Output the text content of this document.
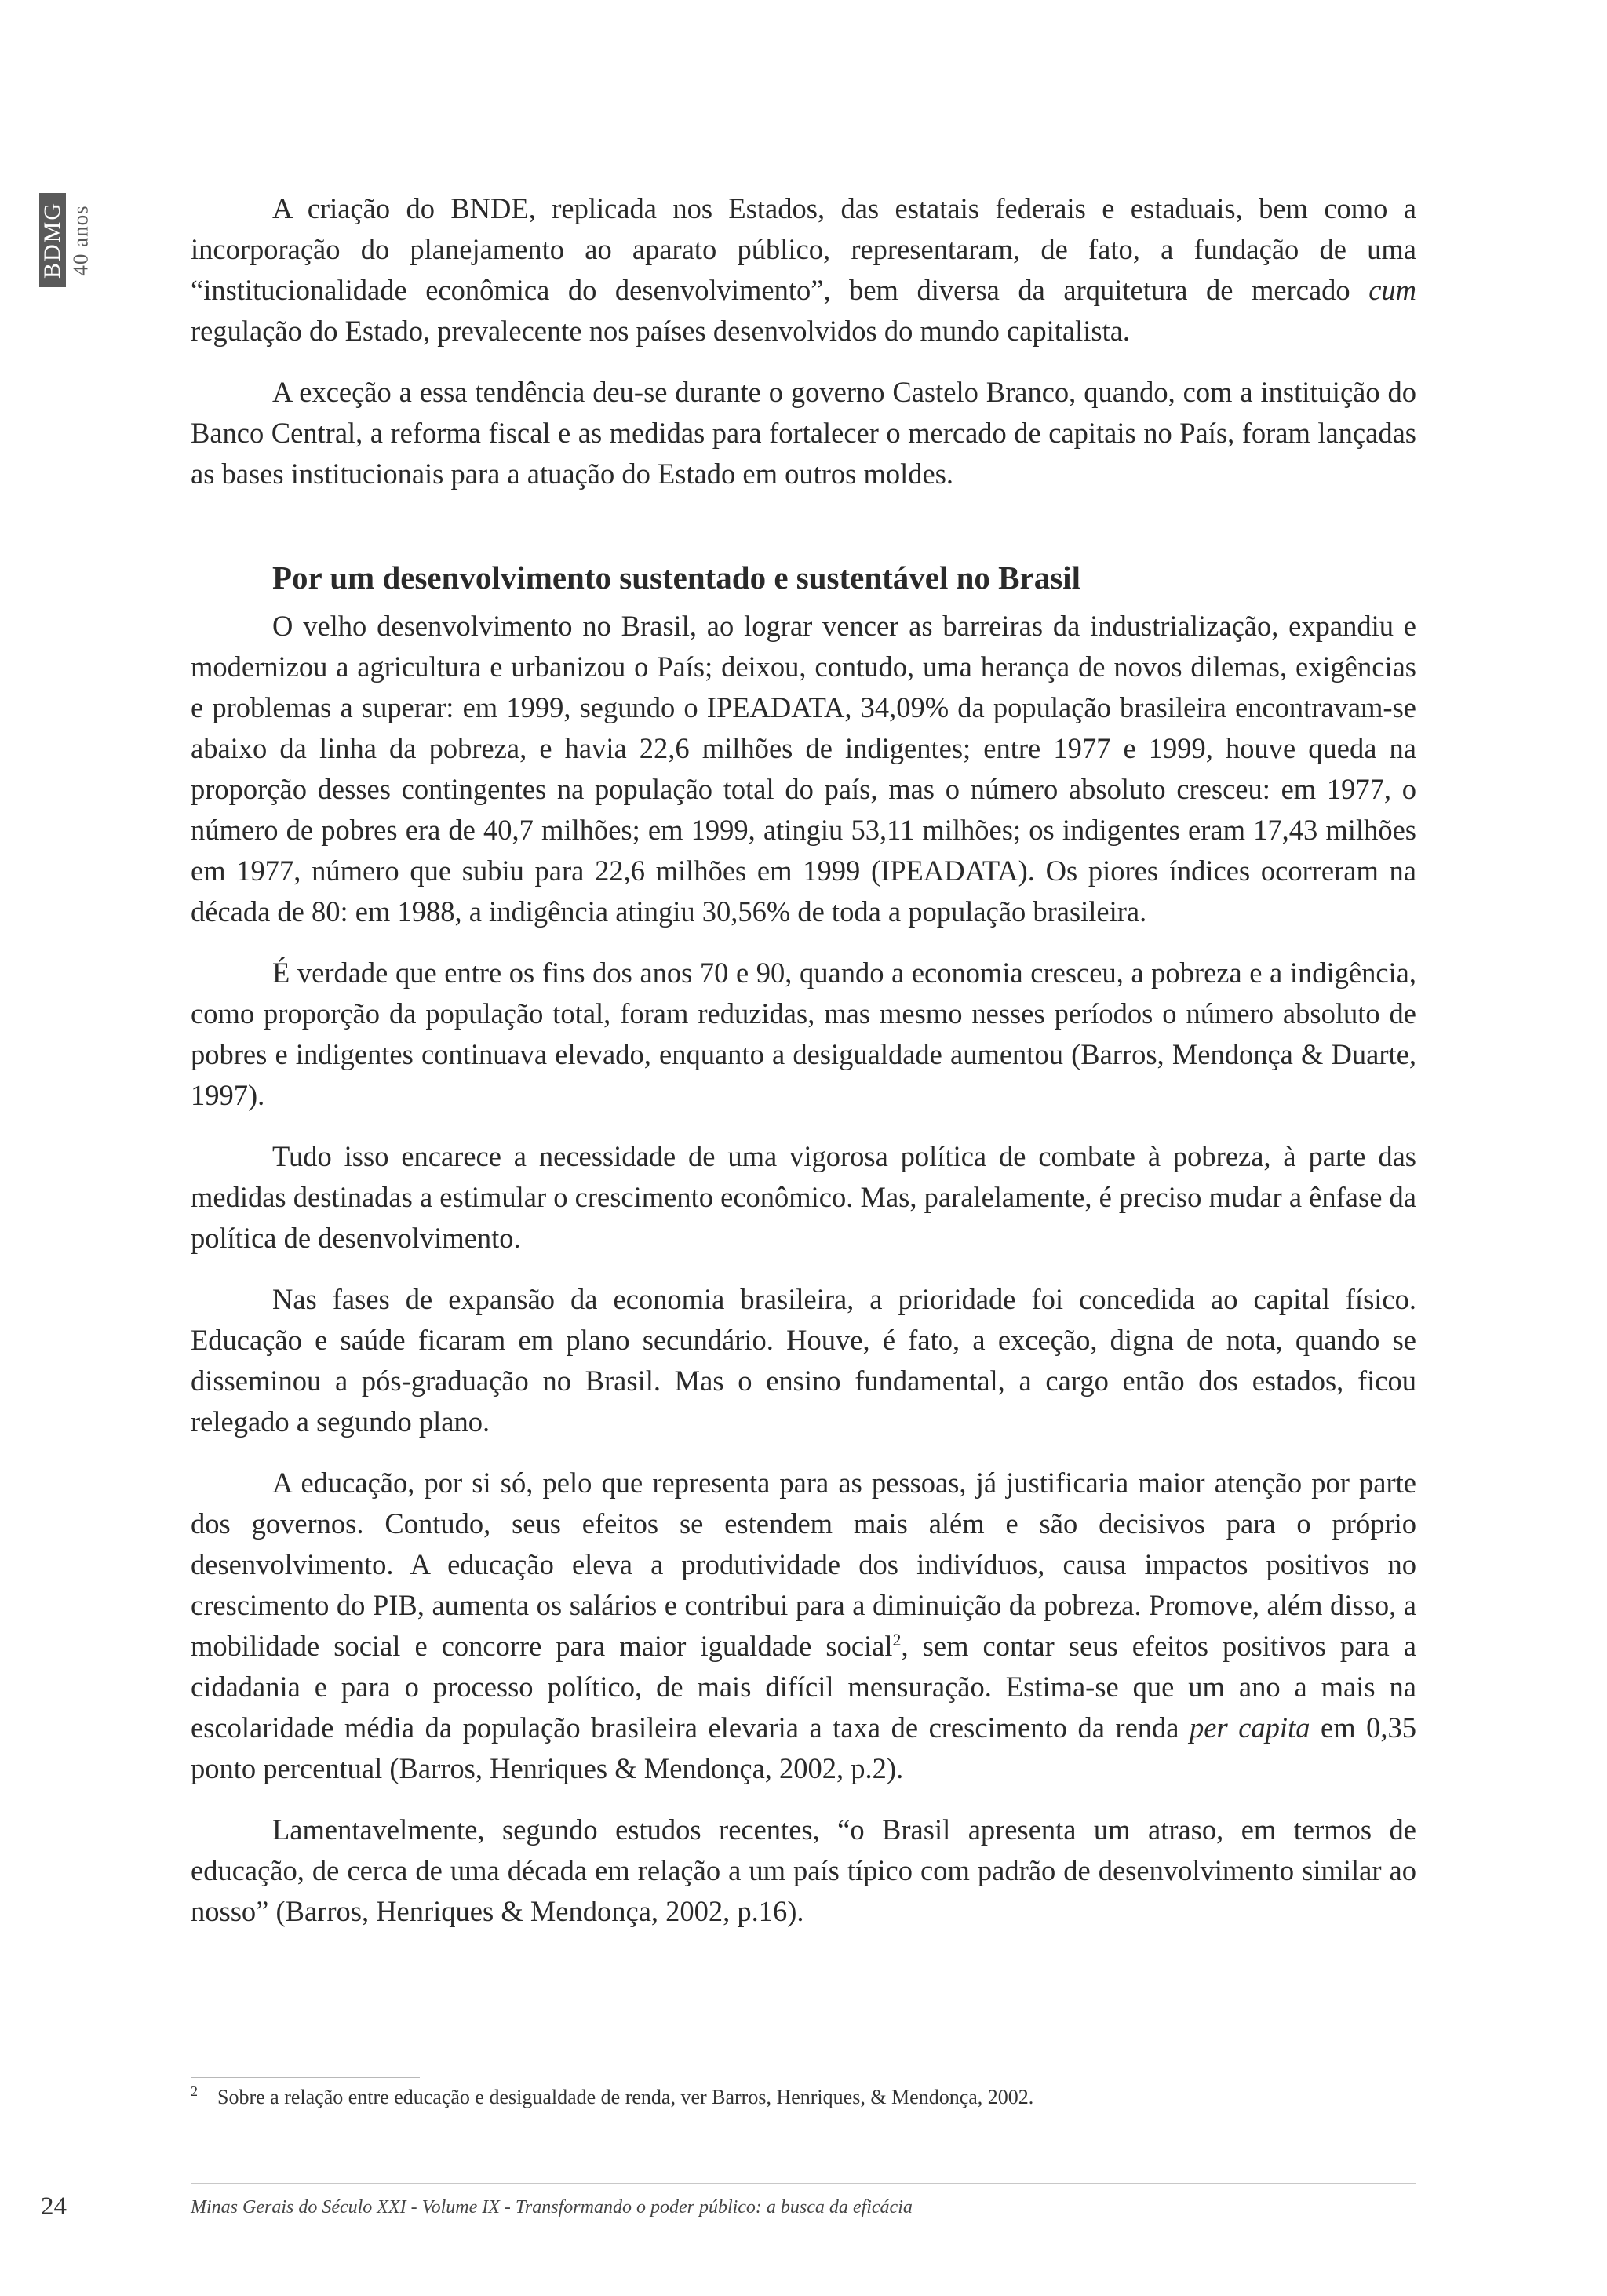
BDMG 40 anos	A criação do BNDE, replicada nos Estados, das estatais federais e estaduais, bem como a incorporação do planejamento ao aparato público, representaram, de fato, a fundação de uma “institucionalidade econômica do desenvolvimento”, bem diversa da arquitetura de mercado cum regulação do Estado, prevalecente nos países desenvolvidos do mundo capitalista.

A exceção a essa tendência deu-se durante o governo Castelo Branco, quando, com a instituição do Banco Central, a reforma fiscal e as medidas para fortalecer o mercado de capitais no País, foram lançadas as bases institucionais para a atuação do Estado em outros moldes.

Por um desenvolvimento sustentado e sustentável no Brasil

O velho desenvolvimento no Brasil, ao lograr vencer as barreiras da industrialização, expandiu e modernizou a agricultura e urbanizou o País; deixou, contudo, uma herança de novos dilemas, exigências e problemas a superar: em 1999, segundo o IPEADATA, 34,09% da população brasileira encontravam-se abaixo da linha da pobreza, e havia 22,6 milhões de indigentes; entre 1977 e 1999, houve queda na proporção desses contingentes na população total do país, mas o número absoluto cresceu: em 1977, o número de pobres era de 40,7 milhões; em 1999, atingiu 53,11 milhões; os indigentes eram 17,43 milhões em 1977, número que subiu para 22,6 milhões em 1999 (IPEADATA). Os piores índices ocorreram na década de 80: em 1988, a indigência atingiu 30,56% de toda a população brasileira.

É verdade que entre os fins dos anos 70 e 90, quando a economia cresceu, a pobreza e a indigência, como proporção da população total, foram reduzidas, mas mesmo nesses períodos o número absoluto de pobres e indigentes continuava elevado, enquanto a desigualdade aumentou (Barros, Mendonça & Duarte, 1997).

Tudo isso encarece a necessidade de uma vigorosa política de combate à pobreza, à parte das medidas destinadas a estimular o crescimento econômico. Mas, paralelamente, é preciso mudar a ênfase da política de desenvolvimento.

Nas fases de expansão da economia brasileira, a prioridade foi concedida ao capital físico. Educação e saúde ficaram em plano secundário. Houve, é fato, a exceção, digna de nota, quando se disseminou a pós-graduação no Brasil. Mas o ensino fundamental, a cargo então dos estados, ficou relegado a segundo plano.

A educação, por si só, pelo que representa para as pessoas, já justificaria maior atenção por parte dos governos. Contudo, seus efeitos se estendem mais além e são decisivos para o próprio desenvolvimento. A educação eleva a produtividade dos indivíduos, causa impactos positivos no crescimento do PIB, aumenta os salários e contribui para a diminuição da pobreza. Promove, além disso, a mobilidade social e concorre para maior igualdade social$^2$, sem contar seus efeitos positivos para a cidadania e para o processo político, de mais difícil mensuração. Estima-se que um ano a mais na escolaridade média da população brasileira elevaria a taxa de crescimento da renda per capita em 0,35 ponto percentual (Barros, Henriques & Mendonça, 2002, p.2).

Lamentavelmente, segundo estudos recentes, “o Brasil apresenta um atraso, em termos de educação, de cerca de uma década em relação a um país típico com padrão de desenvolvimento similar ao nosso” (Barros, Henriques & Mendonça, 2002, p.16).

2 Sobre a relação entre educação e desigualdade de renda, ver Barros, Henriques, & Mendonça, 2002.
24	Minas Gerais do Século XXI - Volume IX - Transformando o poder público: a busca da eficácia
